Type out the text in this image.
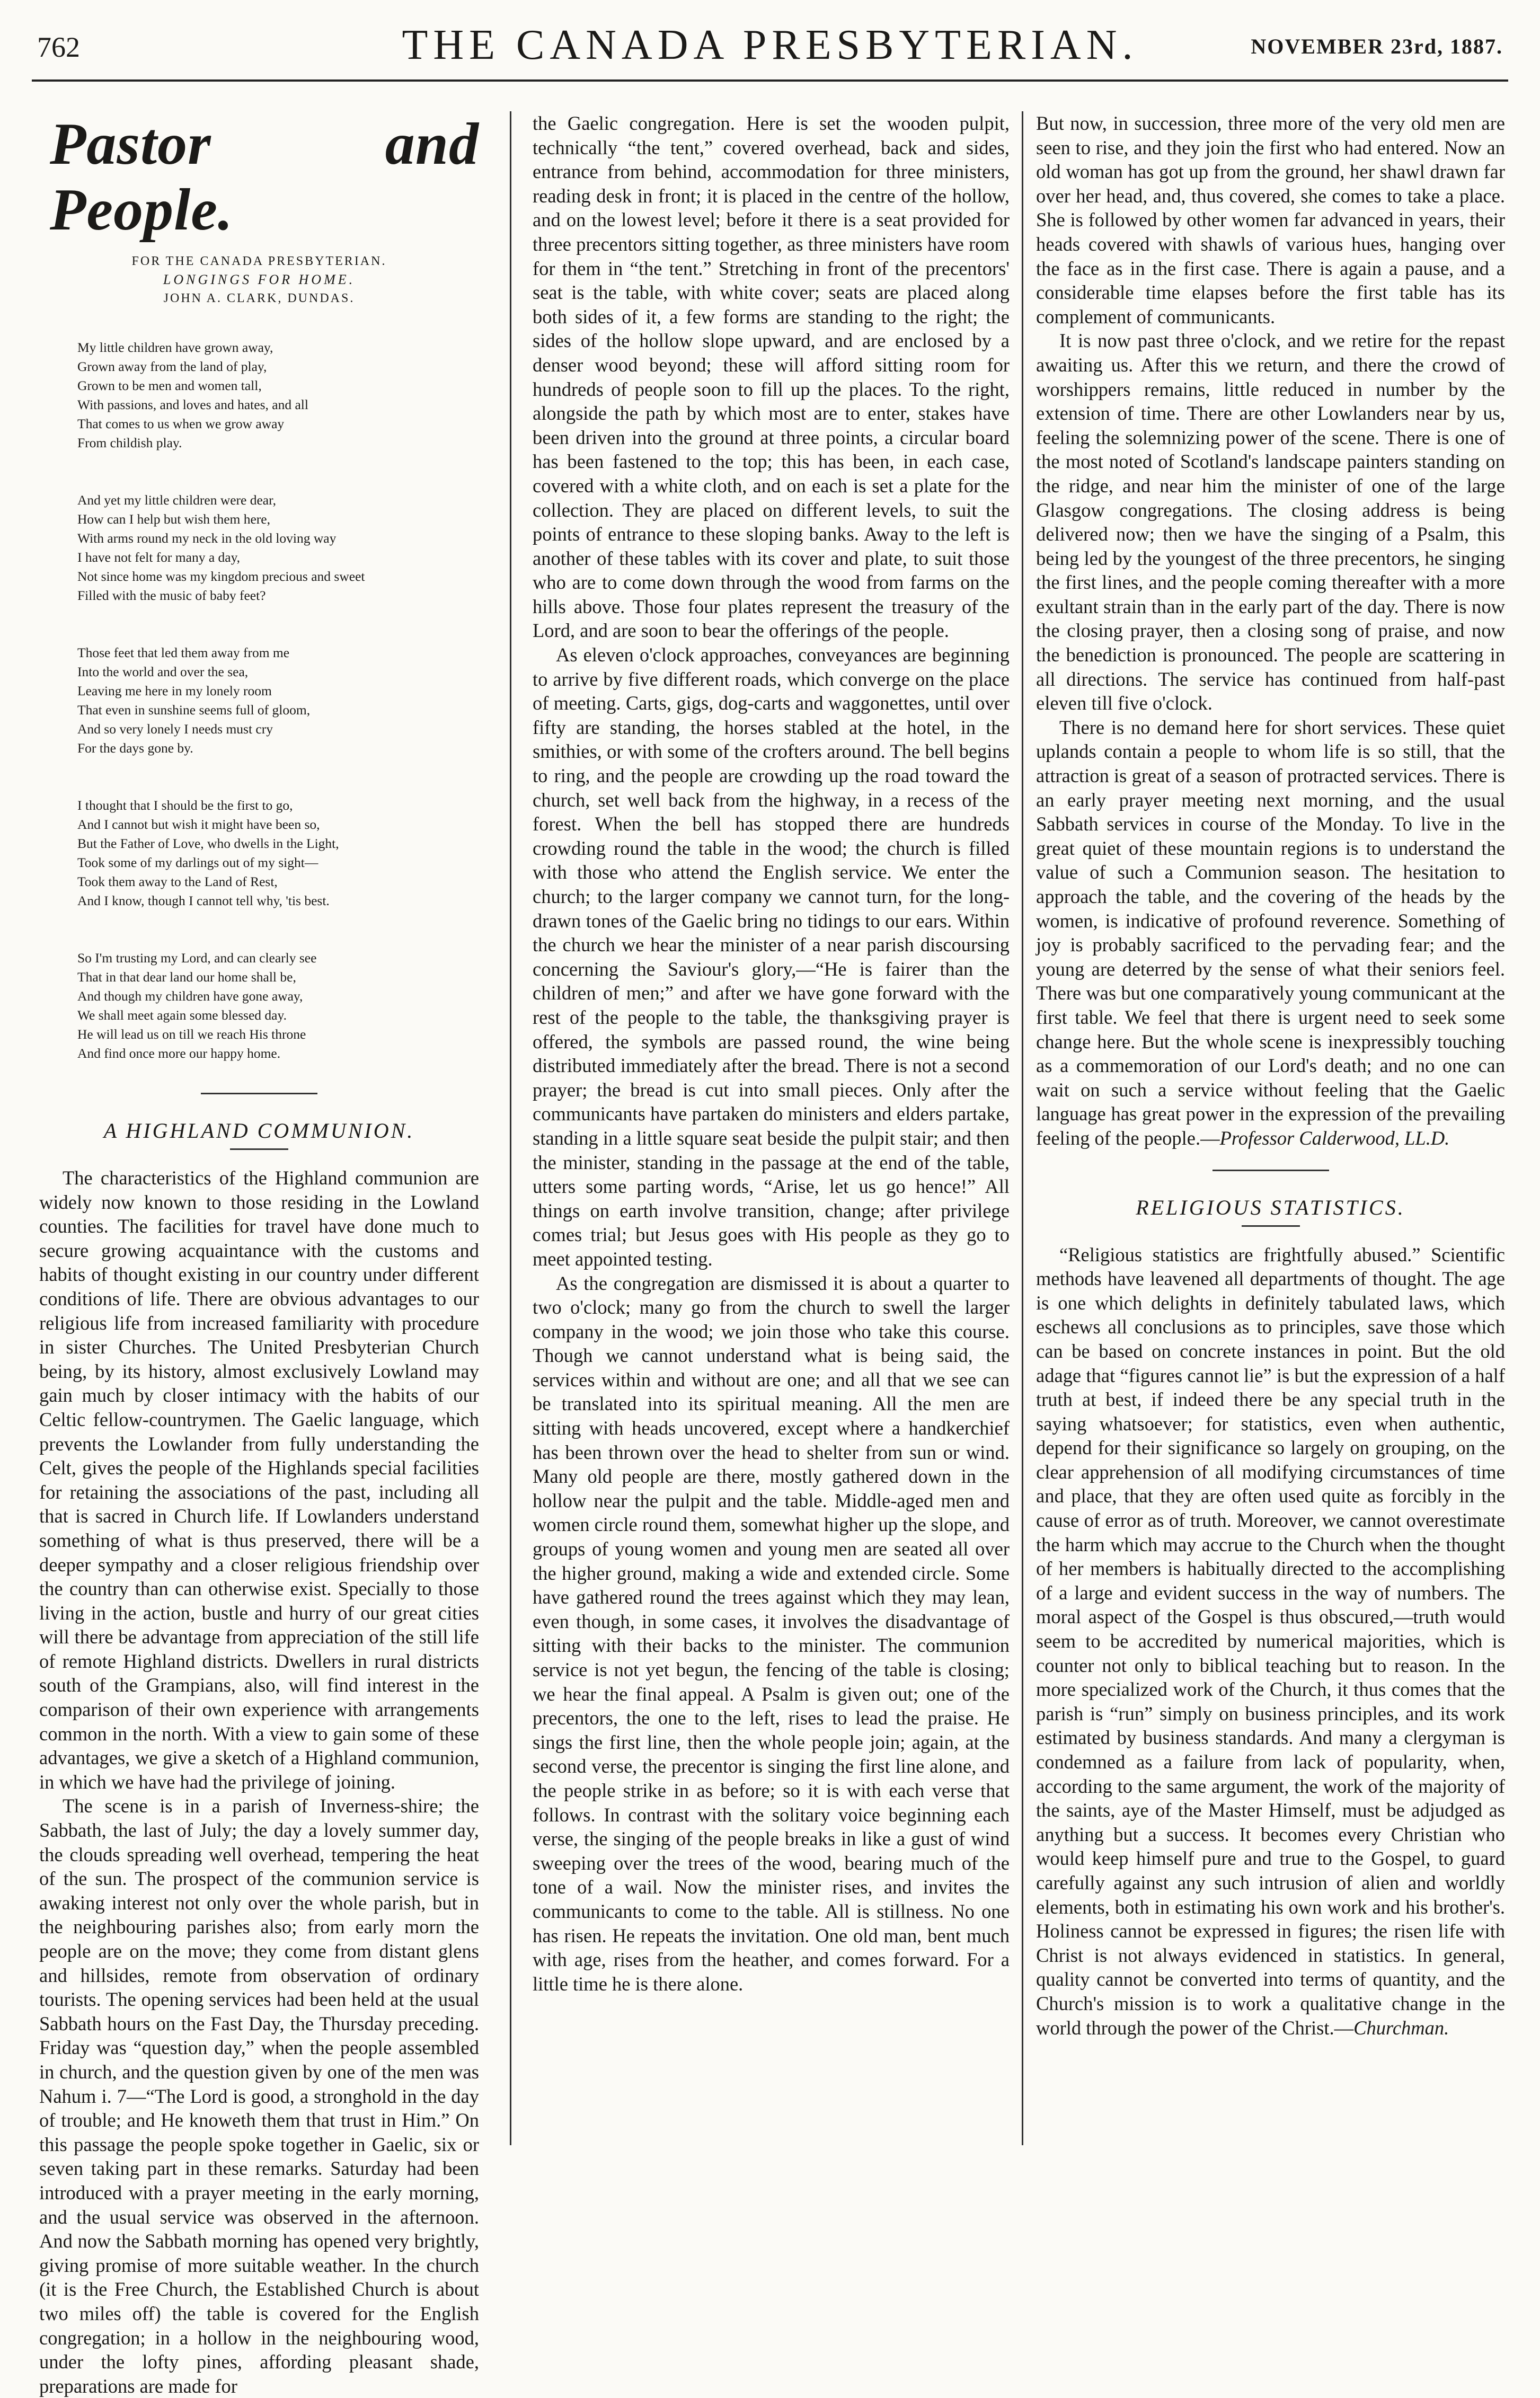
762	THE CANADA PRESBYTERIAN.	NOVEMBER 23rd, 1887.
Pastor and People.
FOR THE CANADA PRESBYTERIAN.
LONGINGS FOR HOME.
JOHN A. CLARK, DUNDAS.

My little children have grown away,
Grown away from the land of play,
Grown to be men and women tall,
With passions, and loves and hates, and all
That comes to us when we grow away
From childish play.

And yet my little children were dear,
How can I help but wish them here,
With arms round my neck in the old loving way
I have not felt for many a day,
Not since home was my kingdom precious and sweet
Filled with the music of baby feet?

Those feet that led them away from me
Into the world and over the sea,
Leaving me here in my lonely room
That even in sunshine seems full of gloom,
And so very lonely I needs must cry
For the days gone by.

I thought that I should be the first to go,
And I cannot but wish it might have been so,
But the Father of Love, who dwells in the Light,
Took some of my darlings out of my sight—
Took them away to the Land of Rest,
And I know, though I cannot tell why, 'tis best.

So I'm trusting my Lord, and can clearly see
That in that dear land our home shall be,
And though my children have gone away,
We shall meet again some blessed day.
He will lead us on till we reach His throne
And find once more our happy home.

A HIGHLAND COMMUNION.

The characteristics of the Highland communion are widely now known to those residing in the Lowland counties. The facilities for travel have done much to secure growing acquaintance with the customs and habits of thought existing in our country under different conditions of life. There are obvious advantages to our religious life from increased familiarity with procedure in sister Churches. The United Presbyterian Church being, by its history, almost exclusively Lowland may gain much by closer intimacy with the habits of our Celtic fellow-countrymen. The Gaelic language, which prevents the Lowlander from fully understanding the Celt, gives the people of the Highlands special facilities for retaining the associations of the past, including all that is sacred in Church life. If Lowlanders understand something of what is thus preserved, there will be a deeper sympathy and a closer religious friendship over the country than can otherwise exist. Specially to those living in the action, bustle and hurry of our great cities will there be advantage from appreciation of the still life of remote Highland districts. Dwellers in rural districts south of the Grampians, also, will find interest in the comparison of their own experience with arrangements common in the north. With a view to gain some of these advantages, we give a sketch of a Highland communion, in which we have had the privilege of joining.

The scene is in a parish of Inverness-shire; the Sabbath, the last of July; the day a lovely summer day, the clouds spreading well overhead, tempering the heat of the sun. The prospect of the communion service is awaking interest not only over the whole parish, but in the neighbouring parishes also; from early morn the people are on the move; they come from distant glens and hillsides, remote from observation of ordinary tourists. The opening services had been held at the usual Sabbath hours on the Fast Day, the Thursday preceding. Friday was “question day,” when the people assembled in church, and the question given by one of the men was Nahum i. 7—“The Lord is good, a stronghold in the day of trouble; and He knoweth them that trust in Him.” On this passage the people spoke together in Gaelic, six or seven taking part in these remarks. Saturday had been introduced with a prayer meeting in the early morning, and the usual service was observed in the afternoon. And now the Sabbath morning has opened very brightly, giving promise of more suitable weather. In the church (it is the Free Church, the Established Church is about two miles off) the table is covered for the English congregation; in a hollow in the neighbouring wood, under the lofty pines, affording pleasant shade, preparations are made for

the Gaelic congregation. Here is set the wooden pulpit, technically “the tent,” covered overhead, back and sides, entrance from behind, accommodation for three ministers, reading desk in front; it is placed in the centre of the hollow, and on the lowest level; before it there is a seat provided for three precentors sitting together, as three ministers have room for them in “the tent.” Stretching in front of the precentors' seat is the table, with white cover; seats are placed along both sides of it, a few forms are standing to the right; the sides of the hollow slope upward, and are enclosed by a denser wood beyond; these will afford sitting room for hundreds of people soon to fill up the places. To the right, alongside the path by which most are to enter, stakes have been driven into the ground at three points, a circular board has been fastened to the top; this has been, in each case, covered with a white cloth, and on each is set a plate for the collection. They are placed on different levels, to suit the points of entrance to these sloping banks. Away to the left is another of these tables with its cover and plate, to suit those who are to come down through the wood from farms on the hills above. Those four plates represent the treasury of the Lord, and are soon to bear the offerings of the people.

As eleven o'clock approaches, conveyances are beginning to arrive by five different roads, which converge on the place of meeting. Carts, gigs, dog-carts and waggonettes, until over fifty are standing, the horses stabled at the hotel, in the smithies, or with some of the crofters around. The bell begins to ring, and the people are crowding up the road toward the church, set well back from the highway, in a recess of the forest. When the bell has stopped there are hundreds crowding round the table in the wood; the church is filled with those who attend the English service. We enter the church; to the larger company we cannot turn, for the long-drawn tones of the Gaelic bring no tidings to our ears. Within the church we hear the minister of a near parish discoursing concerning the Saviour's glory,—“He is fairer than the children of men;” and after we have gone forward with the rest of the people to the table, the thanksgiving prayer is offered, the symbols are passed round, the wine being distributed immediately after the bread. There is not a second prayer; the bread is cut into small pieces. Only after the communicants have partaken do ministers and elders partake, standing in a little square seat beside the pulpit stair; and then the minister, standing in the passage at the end of the table, utters some parting words, “Arise, let us go hence!” All things on earth involve transition, change; after privilege comes trial; but Jesus goes with His people as they go to meet appointed testing.

As the congregation are dismissed it is about a quarter to two o'clock; many go from the church to swell the larger company in the wood; we join those who take this course. Though we cannot understand what is being said, the services within and without are one; and all that we see can be translated into its spiritual meaning. All the men are sitting with heads uncovered, except where a handkerchief has been thrown over the head to shelter from sun or wind. Many old people are there, mostly gathered down in the hollow near the pulpit and the table. Middle-aged men and women circle round them, somewhat higher up the slope, and groups of young women and young men are seated all over the higher ground, making a wide and extended circle. Some have gathered round the trees against which they may lean, even though, in some cases, it involves the disadvantage of sitting with their backs to the minister. The communion service is not yet begun, the fencing of the table is closing; we hear the final appeal. A Psalm is given out; one of the precentors, the one to the left, rises to lead the praise. He sings the first line, then the whole people join; again, at the second verse, the precentor is singing the first line alone, and the people strike in as before; so it is with each verse that follows. In contrast with the solitary voice beginning each verse, the singing of the people breaks in like a gust of wind sweeping over the trees of the wood, bearing much of the tone of a wail. Now the minister rises, and invites the communicants to come to the table. All is stillness. No one has risen. He repeats the invitation. One old man, bent much with age, rises from the heather, and comes forward. For a little time he is there alone.

But now, in succession, three more of the very old men are seen to rise, and they join the first who had entered. Now an old woman has got up from the ground, her shawl drawn far over her head, and, thus covered, she comes to take a place. She is followed by other women far advanced in years, their heads covered with shawls of various hues, hanging over the face as in the first case. There is again a pause, and a considerable time elapses before the first table has its complement of communicants.

It is now past three o'clock, and we retire for the repast awaiting us. After this we return, and there the crowd of worshippers remains, little reduced in number by the extension of time. There are other Lowlanders near by us, feeling the solemnizing power of the scene. There is one of the most noted of Scotland's landscape painters standing on the ridge, and near him the minister of one of the large Glasgow congregations. The closing address is being delivered now; then we have the singing of a Psalm, this being led by the youngest of the three precentors, he singing the first lines, and the people coming thereafter with a more exultant strain than in the early part of the day. There is now the closing prayer, then a closing song of praise, and now the benediction is pronounced. The people are scattering in all directions. The service has continued from half-past eleven till five o'clock.

There is no demand here for short services. These quiet uplands contain a people to whom life is so still, that the attraction is great of a season of protracted services. There is an early prayer meeting next morning, and the usual Sabbath services in course of the Monday. To live in the great quiet of these mountain regions is to understand the value of such a Communion season. The hesitation to approach the table, and the covering of the heads by the women, is indicative of profound reverence. Something of joy is probably sacrificed to the pervading fear; and the young are deterred by the sense of what their seniors feel. There was but one comparatively young communicant at the first table. We feel that there is urgent need to seek some change here. But the whole scene is inexpressibly touching as a commemoration of our Lord's death; and no one can wait on such a service without feeling that the Gaelic language has great power in the expression of the prevailing feeling of the people.—Professor Calderwood, LL.D.

RELIGIOUS STATISTICS.

“Religious statistics are frightfully abused.” Scientific methods have leavened all departments of thought. The age is one which delights in definitely tabulated laws, which eschews all conclusions as to principles, save those which can be based on concrete instances in point. But the old adage that “figures cannot lie” is but the expression of a half truth at best, if indeed there be any special truth in the saying whatsoever; for statistics, even when authentic, depend for their significance so largely on grouping, on the clear apprehension of all modifying circumstances of time and place, that they are often used quite as forcibly in the cause of error as of truth. Moreover, we cannot overestimate the harm which may accrue to the Church when the thought of her members is habitually directed to the accomplishing of a large and evident success in the way of numbers. The moral aspect of the Gospel is thus obscured,—truth would seem to be accredited by numerical majorities, which is counter not only to biblical teaching but to reason. In the more specialized work of the Church, it thus comes that the parish is “run” simply on business principles, and its work estimated by business standards. And many a clergyman is condemned as a failure from lack of popularity, when, according to the same argument, the work of the majority of the saints, aye of the Master Himself, must be adjudged as anything but a success. It becomes every Christian who would keep himself pure and true to the Gospel, to guard carefully against any such intrusion of alien and worldly elements, both in estimating his own work and his brother's. Holiness cannot be expressed in figures; the risen life with Christ is not always evidenced in statistics. In general, quality cannot be converted into terms of quantity, and the Church's mission is to work a qualitative change in the world through the power of the Christ.—Churchman.
